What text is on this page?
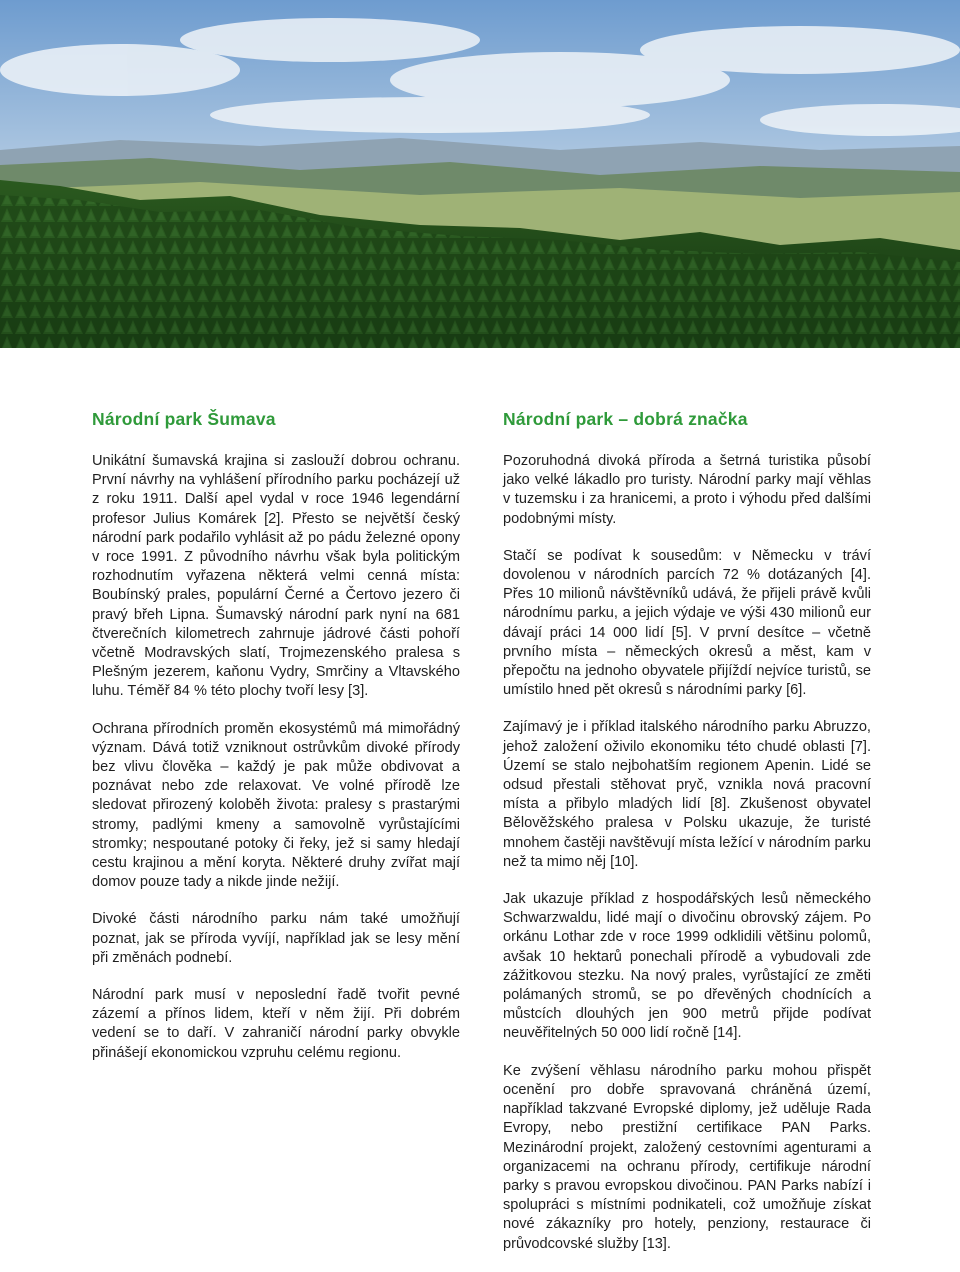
Národní park Šumava

Unikátní šumavská krajina si zaslouží dobrou ochranu. První návrhy na vyhlášení přírodního parku pocházejí už z roku 1911. Další apel vydal v roce 1946 legendární profesor Julius Komárek [2]. Přesto se největší český národní park podařilo vyhlásit až po pádu železné opony v roce 1991. Z původního návrhu však byla politickým rozhodnutím vyřazena některá velmi cenná místa: Boubínský prales, populární Černé a Čertovo jezero či pravý břeh Lipna. Šumavský národní park nyní na 681 čtverečních kilometrech zahrnuje jádrové části pohoří včetně Modravských slatí, Trojmezenského pralesa s Plešným jezerem, kaňonu Vydry, Smrčiny a Vltavského luhu. Téměř 84 % této plochy tvoří lesy [3].

Ochrana přírodních proměn ekosystémů má mimořádný význam. Dává totiž vzniknout ostrůvkům divoké přírody bez vlivu člověka – každý je pak může obdivovat a poznávat nebo zde relaxovat. Ve volné přírodě lze sledovat přirozený koloběh života: pralesy s prastarými stromy, padlými kmeny a samovolně vyrůstajícími stromky; nespoutané potoky či řeky, jež si samy hledají cestu krajinou a mění koryta. Některé druhy zvířat mají domov pouze tady a nikde jinde nežijí.

Divoké části národního parku nám také umožňují poznat, jak se příroda vyvíjí, například jak se lesy mění při změnách podnebí.

Národní park musí v neposlední řadě tvořit pevné zázemí a přínos lidem, kteří v něm žijí. Při dobrém vedení se to daří. V zahraničí národní parky obvykle přinášejí ekonomickou vzpruhu celému regionu.

Národní park – dobrá značka

Pozoruhodná divoká příroda a šetrná turistika působí jako velké lákadlo pro turisty. Národní parky mají věhlas v tuzemsku i za hranicemi, a proto i výhodu před dalšími podobnými místy.

Stačí se podívat k sousedům: v Německu v tráví dovolenou v národních parcích 72 % dotázaných [4]. Přes 10 milionů návštěvníků udává, že přijeli právě kvůli národnímu parku, a jejich výdaje ve výši 430 milionů eur dávají práci 14 000 lidí [5]. V první desítce – včetně prvního místa – německých okresů a měst, kam v přepočtu na jednoho obyvatele přijíždí nejvíce turistů, se umístilo hned pět okresů s národními parky [6].

Zajímavý je i příklad italského národního parku Abruzzo, jehož založení oživilo ekonomiku této chudé oblasti [7]. Území se stalo nejbohatším regionem Apenin. Lidé se odsud přestali stěhovat pryč, vznikla nová pracovní místa a přibylo mladých lidí [8]. Zkušenost obyvatel Bělověžského pralesa v Polsku ukazuje, že turisté mnohem častěji navštěvují místa ležící v národním parku než ta mimo něj [10].

Jak ukazuje příklad z hospodářských lesů německého Schwarzwaldu, lidé mají o divočinu obrovský zájem. Po orkánu Lothar zde v roce 1999 odklidili většinu polomů, avšak 10 hektarů ponechali přírodě a vybudovali zde zážitkovou stezku. Na nový prales, vyrůstající ze změti polámaných stromů, se po dřevěných chodnících a můstcích dlouhých jen 900 metrů přijde podívat neuvěřitelných 50 000 lidí ročně [14].

Ke zvýšení věhlasu národního parku mohou přispět ocenění pro dobře spravovaná chráněná území, například takzvané Evropské diplomy, jež uděluje Rada Evropy, nebo prestižní certifikace PAN Parks. Mezinárodní projekt, založený cestovními agenturami a organizacemi na ochranu přírody, certifikuje národní parky s pravou evropskou divočinou. PAN Parks nabízí i spolupráci s místními podnikateli, což umožňuje získat nové zákazníky pro hotely, penziony, restaurace či průvodcovské služby [13].
